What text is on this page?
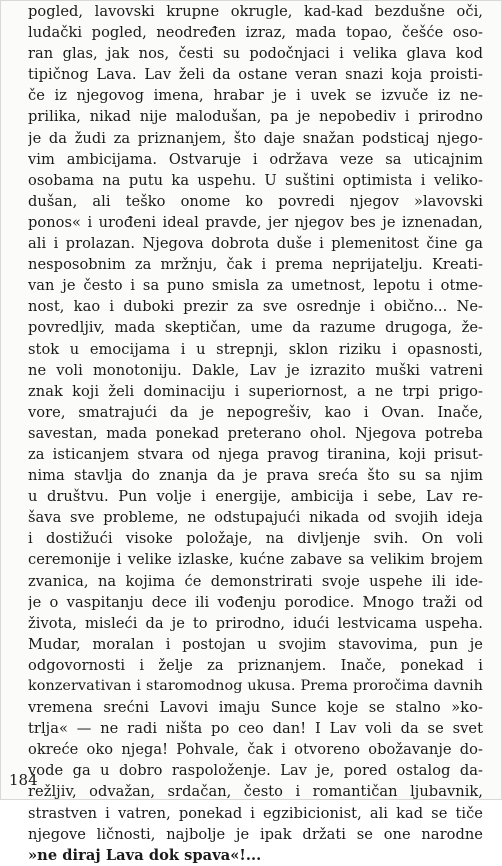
pogled, lavovski krupne okrugle, kad-kad bezdušne oči,
ludački pogled, neodređen izraz, mada topao, češće oso-
ran glas, jak nos, česti su podočnjaci i velika glava kod
tipičnog Lava. Lav želi da ostane veran snazi koja proisti-
če iz njegovog imena, hrabar je i uvek se izvuče iz ne-
prilika, nikad nije malodušan, pa je nepobediv i prirodno
je da žudi za priznanjem, što daje snažan podsticaj njego-
vim ambicijama. Ostvaruje i održava veze sa uticajnim
osobama na putu ka uspehu. U suštini optimista i veliko-
dušan, ali teško onome ko povredi njegov »lavovski
ponos« i urođeni ideal pravde, jer njegov bes je iznenadan,
ali i prolazan. Njegova dobrota duše i plemenitost čine ga
nesposobnim za mržnju, čak i prema neprijatelju. Kreati-
van je često i sa puno smisla za umetnost, lepotu i otme-
nost, kao i duboki prezir za sve osrednje i obično... Ne-
povredljiv, mada skeptičan, ume da razume drugoga, že-
stok u emocijama i u strepnji, sklon riziku i opasnosti,
ne voli monotoniju. Dakle, Lav je izrazito muški vatreni
znak koji želi dominaciju i superiornost, a ne trpi prigo-
vore, smatrajući da je nepogrešiv, kao i Ovan. Inače,
savestan, mada ponekad preterano ohol. Njegova potreba
za isticanjem stvara od njega pravog tiranina, koji prisut-
nima stavlja do znanja da je prava sreća što su sa njim
u društvu. Pun volje i energije, ambicija i sebe, Lav re-
šava sve probleme, ne odstupajući nikada od svojih ideja
i dostižući visoke položaje, na divljenje svih. On voli
ceremonije i velike izlaske, kućne zabave sa velikim brojem
zvanica, na kojima će demonstrirati svoje uspehe ili ide-
je o vaspitanju dece ili vođenju porodice. Mnogo traži od
života, misleći da je to prirodno, idući lestvicama uspeha.
Mudar, moralan i postojan u svojim stavovima, pun je
odgovornosti i želje za priznanjem. Inače, ponekad i
konzervativan i staromodnog ukusa. Prema proročima davnih
vremena srećni Lavovi imaju Sunce koje se stalno »ko-
trlja« — ne radi ništa po ceo dan! I Lav voli da se svet
okreće oko njega! Pohvale, čak i otvoreno obožavanje do-
vode ga u dobro raspoloženje. Lav je, pored ostalog da-
režljiv, odvažan, srdačan, često i romantičan ljubavnik,
strastven i vatren, ponekad i egzibicionist, ali kad se tiče
njegove ličnosti, najbolje je ipak držati se one narodne
»ne diraj Lava dok spava«!...
184
